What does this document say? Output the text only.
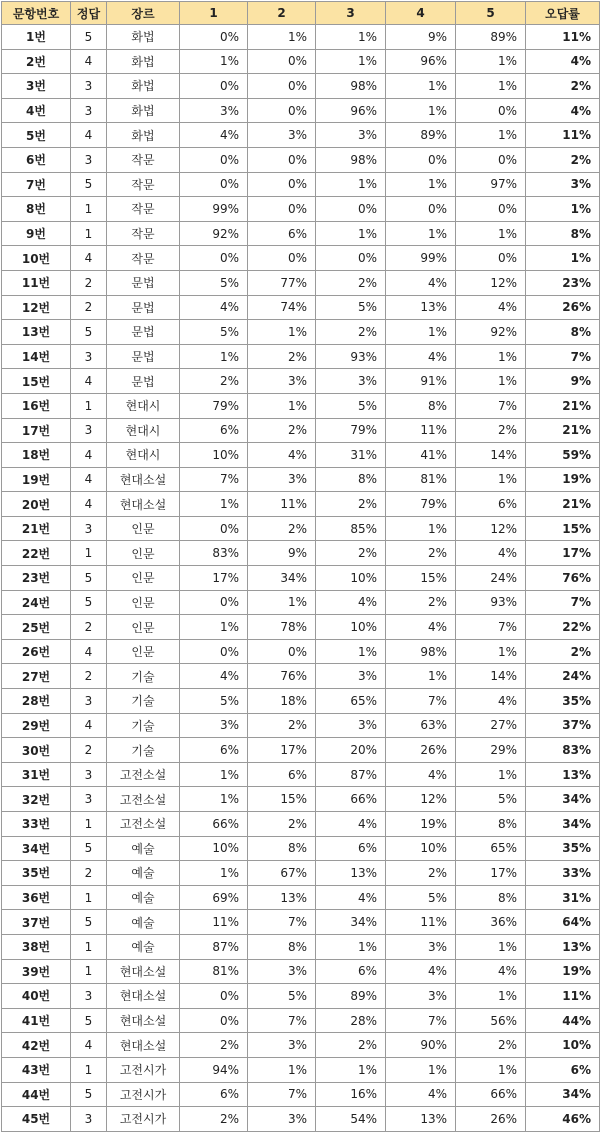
문항번호	정답	장르	1	2	3	4	5	오답률
1번	5	화법	0%	1%	1%	9%	89%	11%
2번	4	화법	1%	0%	1%	96%	1%	4%
3번	3	화법	0%	0%	98%	1%	1%	2%
4번	3	화법	3%	0%	96%	1%	0%	4%
5번	4	화법	4%	3%	3%	89%	1%	11%
6번	3	작문	0%	0%	98%	0%	0%	2%
7번	5	작문	0%	0%	1%	1%	97%	3%
8번	1	작문	99%	0%	0%	0%	0%	1%
9번	1	작문	92%	6%	1%	1%	1%	8%
10번	4	작문	0%	0%	0%	99%	0%	1%
11번	2	문법	5%	77%	2%	4%	12%	23%
12번	2	문법	4%	74%	5%	13%	4%	26%
13번	5	문법	5%	1%	2%	1%	92%	8%
14번	3	문법	1%	2%	93%	4%	1%	7%
15번	4	문법	2%	3%	3%	91%	1%	9%
16번	1	현대시	79%	1%	5%	8%	7%	21%
17번	3	현대시	6%	2%	79%	11%	2%	21%
18번	4	현대시	10%	4%	31%	41%	14%	59%
19번	4	현대소설	7%	3%	8%	81%	1%	19%
20번	4	현대소설	1%	11%	2%	79%	6%	21%
21번	3	인문	0%	2%	85%	1%	12%	15%
22번	1	인문	83%	9%	2%	2%	4%	17%
23번	5	인문	17%	34%	10%	15%	24%	76%
24번	5	인문	0%	1%	4%	2%	93%	7%
25번	2	인문	1%	78%	10%	4%	7%	22%
26번	4	인문	0%	0%	1%	98%	1%	2%
27번	2	기술	4%	76%	3%	1%	14%	24%
28번	3	기술	5%	18%	65%	7%	4%	35%
29번	4	기술	3%	2%	3%	63%	27%	37%
30번	2	기술	6%	17%	20%	26%	29%	83%
31번	3	고전소설	1%	6%	87%	4%	1%	13%
32번	3	고전소설	1%	15%	66%	12%	5%	34%
33번	1	고전소설	66%	2%	4%	19%	8%	34%
34번	5	예술	10%	8%	6%	10%	65%	35%
35번	2	예술	1%	67%	13%	2%	17%	33%
36번	1	예술	69%	13%	4%	5%	8%	31%
37번	5	예술	11%	7%	34%	11%	36%	64%
38번	1	예술	87%	8%	1%	3%	1%	13%
39번	1	현대소설	81%	3%	6%	4%	4%	19%
40번	3	현대소설	0%	5%	89%	3%	1%	11%
41번	5	현대소설	0%	7%	28%	7%	56%	44%
42번	4	현대소설	2%	3%	2%	90%	2%	10%
43번	1	고전시가	94%	1%	1%	1%	1%	6%
44번	5	고전시가	6%	7%	16%	4%	66%	34%
45번	3	고전시가	2%	3%	54%	13%	26%	46%
